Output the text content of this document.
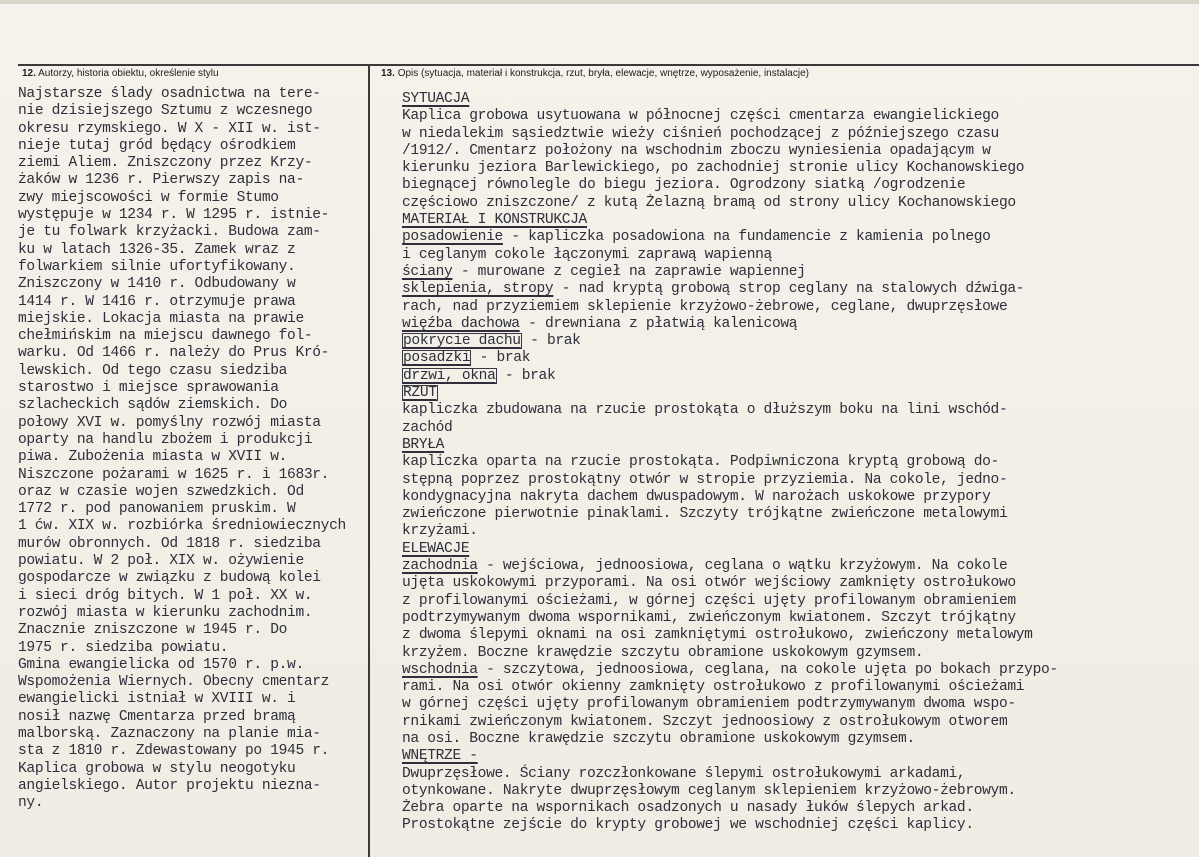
12. Autorzy, historia obiektu, określenie stylu	13. Opis (sytuacja, materiał i konstrukcja, rzut, bryła, elewacje, wnętrze, wyposażenie, instalacje)
Najstarsze ślady osadnictwa na tere-
nie dzisiejszego Sztumu z wczesnego
okresu rzymskiego. W X - XII w. ist-
nieje tutaj gród będący ośrodkiem
ziemi Aliem. Zniszczony przez Krzy-
żaków w 1236 r. Pierwszy zapis na-
zwy miejscowości w formie Stumo
występuje w 1234 r. W 1295 r. istnie-
je tu folwark krzyżacki. Budowa zam-
ku w latach 1326-35. Zamek wraz z
folwarkiem silnie ufortyfikowany.
Zniszczony w 1410 r. Odbudowany w
1414 r. W 1416 r. otrzymuje prawa
miejskie. Lokacja miasta na prawie
chełmińskim na miejscu dawnego fol-
warku. Od 1466 r. należy do Prus Kró-
lewskich. Od tego czasu siedziba
starostwo i miejsce sprawowania
szlacheckich sądów ziemskich. Do
połowy XVI w. pomyślny rozwój miasta
oparty na handlu zbożem i produkcji
piwa. Zubożenia miasta w XVII w.
Niszczone pożarami w 1625 r. i 1683r.
oraz w czasie wojen szwedzkich. Od
1772 r. pod panowaniem pruskim. W
1 ćw. XIX w. rozbiórka średniowiecznych
murów obronnych. Od 1818 r. siedziba
powiatu. W 2 poł. XIX w. ożywienie
gospodarcze w związku z budową kolei
i sieci dróg bitych. W 1 poł. XX w.
rozwój miasta w kierunku zachodnim.
Znacznie zniszczone w 1945 r. Do
1975 r. siedziba powiatu.
Gmina ewangielicka od 1570 r. p.w.
Wspomożenia Wiernych. Obecny cmentarz
ewangielicki istniał w XVIII w. i
nosił nazwę Cmentarza przed bramą
malborską. Zaznaczony na planie mia-
sta z 1810 r. Zdewastowany po 1945 r.
Kaplica grobowa w stylu neogotyku
angielskiego. Autor projektu niezna-
ny.
SYTUACJA
Kaplica grobowa usytuowana w północnej części cmentarza ewangielickiego
w niedalekim sąsiedztwie wieży ciśnień pochodzącej z późniejszego czasu
/1912/. Cmentarz położony na wschodnim zboczu wyniesienia opadającym w
kierunku jeziora Barlewickiego, po zachodniej stronie ulicy Kochanowskiego
biegnącej równolegle do biegu jeziora. Ogrodzony siatką /ogrodzenie
częściowo zniszczone/ z kutą Żelazną bramą od strony ulicy Kochanowskiego
MATERIAŁ I KONSTRUKCJA
posadowienie - kapliczka posadowiona na fundamencie z kamienia polnego
i ceglanym cokole łączonymi zaprawą wapienną
ściany - murowane z cegieł na zaprawie wapiennej
sklepienia, stropy - nad kryptą grobową strop ceglany na stalowych dźwiga-
rach, nad przyziemiem sklepienie krzyżowo-żebrowe, ceglane, dwuprzęsłowe
więźba dachowa - drewniana z płatwią kalenicową
pokrycie dachu - brak
posadzki - brak
drzwi, okna - brak
RZUT
kapliczka zbudowana na rzucie prostokąta o dłuższym boku na lini wschód-
zachód
BRYŁA
kapliczka oparta na rzucie prostokąta. Podpiwniczona kryptą grobową do-
stępną poprzez prostokątny otwór w stropie przyziemia. Na cokole, jedno-
kondygnacyjna nakryta dachem dwuspadowym. W narożach uskokowe przypory
zwieńczone pierwotnie pinaklami. Szczyty trójkątne zwieńczone metalowymi
krzyżami.
ELEWACJE
zachodnia - wejściowa, jednoosiowa, ceglana o wątku krzyżowym. Na cokole
ujęta uskokowymi przyporami. Na osi otwór wejściowy zamknięty ostrołukowo
z profilowanymi ościeżami, w górnej części ujęty profilowanym obramieniem
podtrzymywanym dwoma wspornikami, zwieńczonym kwiatonem. Szczyt trójkątny
z dwoma ślepymi oknami na osi zamkniętymi ostrołukowo, zwieńczony metalowym
krzyżem. Boczne krawędzie szczytu obramione uskokowym gzymsem.
wschodnia - szczytowa, jednoosiowa, ceglana, na cokole ujęta po bokach przypo-
rami. Na osi otwór okienny zamknięty ostrołukowo z profilowanymi ościeżami
w górnej części ujęty profilowanym obramieniem podtrzymywanym dwoma wspo-
rnikami zwieńczonym kwiatonem. Szczyt jednoosiowy z ostrołukowym otworem
na osi. Boczne krawędzie szczytu obramione uskokowym gzymsem.
WNĘTRZE -
Dwuprzęsłowe. Ściany rozczłonkowane ślepymi ostrołukowymi arkadami,
otynkowane. Nakryte dwuprzęsłowym ceglanym sklepieniem krzyżowo-żebrowym.
Żebra oparte na wspornikach osadzonych u nasady łuków ślepych arkad.
Prostokątne zejście do krypty grobowej we wschodniej części kaplicy.
